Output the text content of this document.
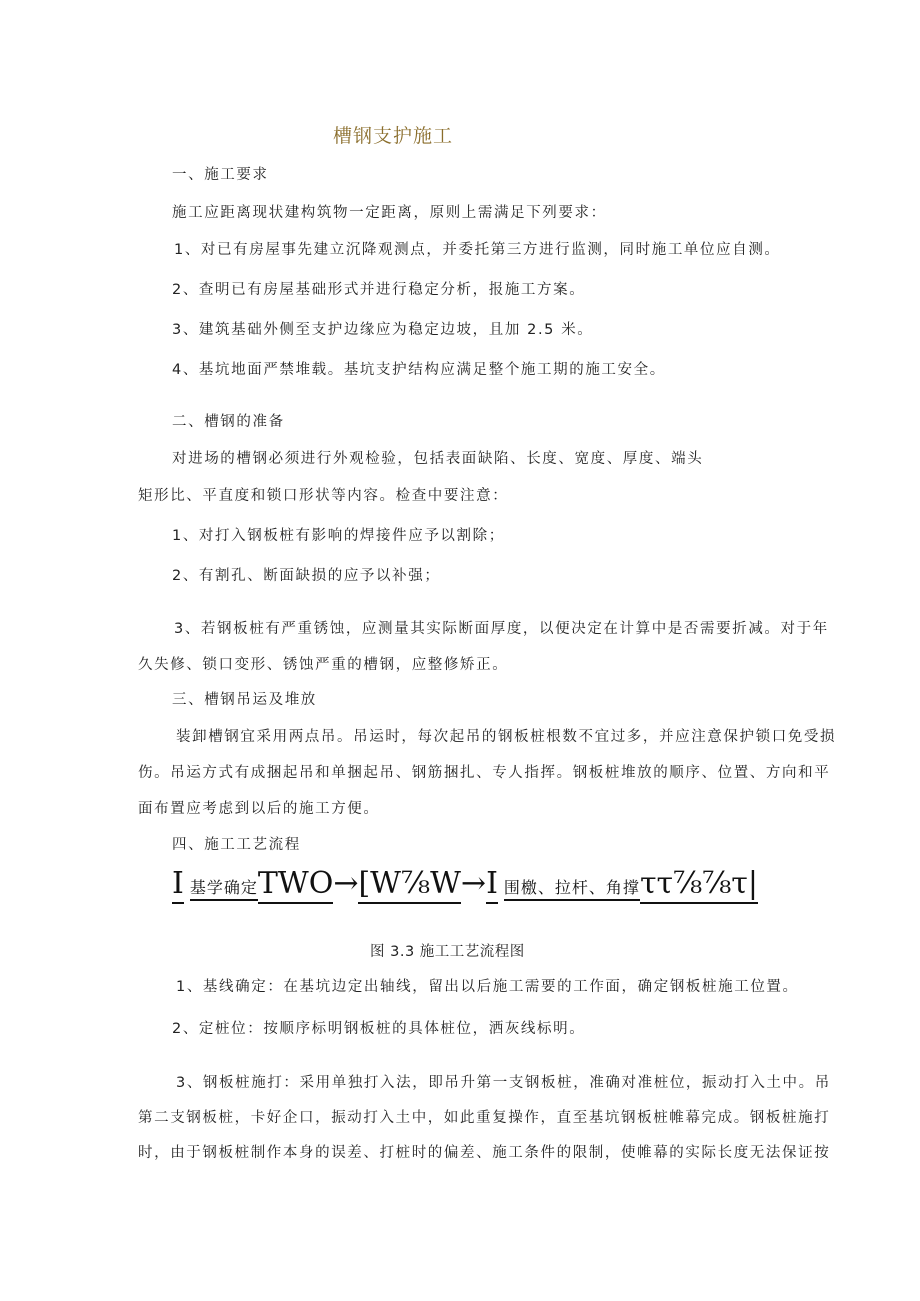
槽钢支护施工
一、施工要求
施工应距离现状建构筑物一定距离，原则上需满足下列要求：
1、对已有房屋事先建立沉降观测点，并委托第三方进行监测，同时施工单位应自测。
2、查明已有房屋基础形式并进行稳定分析，报施工方案。
3、建筑基础外侧至支护边缘应为稳定边坡，且加 2.5 米。
4、基坑地面严禁堆载。基坑支护结构应满足整个施工期的施工安全。
二、槽钢的准备
对进场的槽钢必须进行外观检验，包括表面缺陷、长度、宽度、厚度、端头
矩形比、平直度和锁口形状等内容。检查中要注意：
1、对打入钢板桩有影响的焊接件应予以割除；
2、有割孔、断面缺损的应予以补强；
3、若钢板桩有严重锈蚀，应测量其实际断面厚度，以便决定在计算中是否需要折减。对于年
久失修、锁口变形、锈蚀严重的槽钢，应整修矫正。
三、槽钢吊运及堆放
装卸槽钢宜采用两点吊。吊运时，每次起吊的钢板桩根数不宜过多，并应注意保护锁口免受损
伤。吊运方式有成捆起吊和单捆起吊、钢筋捆扎、专人指挥。钢板桩堆放的顺序、位置、方向和平
面布置应考虑到以后的施工方便。
四、施工工艺流程
I 基学确定TWO→[W⅞W→I 围檄、拉杆、角撑ττ⅞⅞τ|
图 3.3 施工工艺流程图
1、基线确定：在基坑边定出轴线，留出以后施工需要的工作面，确定钢板桩施工位置。
2、定桩位：按顺序标明钢板桩的具体桩位，洒灰线标明。
3、钢板桩施打：采用单独打入法，即吊升第一支钢板桩，准确对准桩位，振动打入土中。吊
第二支钢板桩，卡好企口，振动打入土中，如此重复操作，直至基坑钢板桩帷幕完成。钢板桩施打
时，由于钢板桩制作本身的误差、打桩时的偏差、施工条件的限制，使帷幕的实际长度无法保证按
